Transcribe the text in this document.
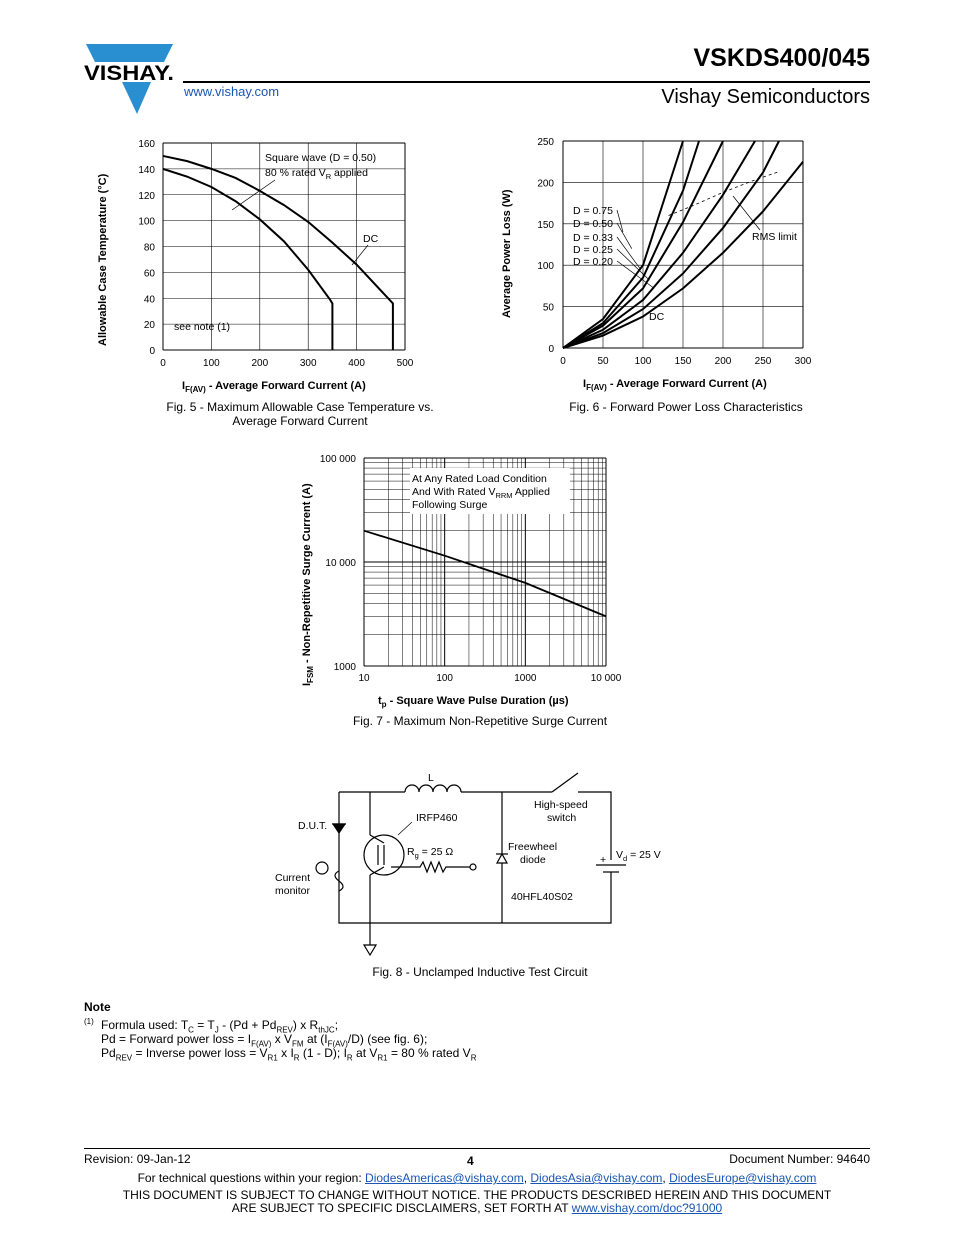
VISHAY.
VSKDS400/045
www.vishay.com	Vishay Semiconductors
0	100	200	300	400	500
0
20
40
60
80
100
120
140
160
Square wave (D = 0.50)
80 % rated $V_R$ applied
DC
see note (1)
Allowable Case Temperature (°C)
$I_{F(AV)}$ - Average Forward Current (A)
Fig. 5 - Maximum Allowable Case Temperature vs.
Average Forward Current
0	50	100 150 200 250 300
0
50
100
150
200
250
D = 0.75
D = 0.50
D = 0.33
D = 0.25
D = 0.20
RMS limit
DC
Average Power Loss (W)
$I_{F(AV)}$ - Average Forward Current (A)
Fig. 6 - Forward Power Loss Characteristics
10	100	1000	10 000
1000
10 000
100 000
At Any Rated Load Condition
And With Rated $V_{RRM}$ Applied
Following Surge
$I_{FSM}$ - Non-Repetitive Surge Current (A)
$t_p$ - Square Wave Pulse Duration (µs)
Fig. 7 - Maximum Non-Repetitive Surge Current
L
High-speed
switch
D.U.T.
IRFP460
$R_g = 25$ Ω	Freewheel
diode
40HFL40S02
+ $V_d = 25$ V
Current
monitor
Fig. 8 - Unclamped Inductive Test Circuit
Note
(1) Formula used: $T_C = T_J - (Pd + Pd_{REV})$ x $R_{thJC}$;
Pd = Forward power loss = $I_{F(AV)}$ x $V_{FM}$ at $(I_{F(AV)}/D)$ (see fig. 6);
$Pd_{REV}$ = Inverse power loss = $V_{R1}$ x $I_R$ (1 - D); $I_R$ at $V_{R1} = 80$ % rated $V_R$
Revision: 09-Jan-12	4	Document Number: 94640
For technical questions within your region: DiodesAmericas@vishay.com, DiodesAsia@vishay.com, DiodesEurope@vishay.com
THIS DOCUMENT IS SUBJECT TO CHANGE WITHOUT NOTICE. THE PRODUCTS DESCRIBED HEREIN AND THIS DOCUMENT
ARE SUBJECT TO SPECIFIC DISCLAIMERS, SET FORTH AT www.vishay.com/doc?91000
